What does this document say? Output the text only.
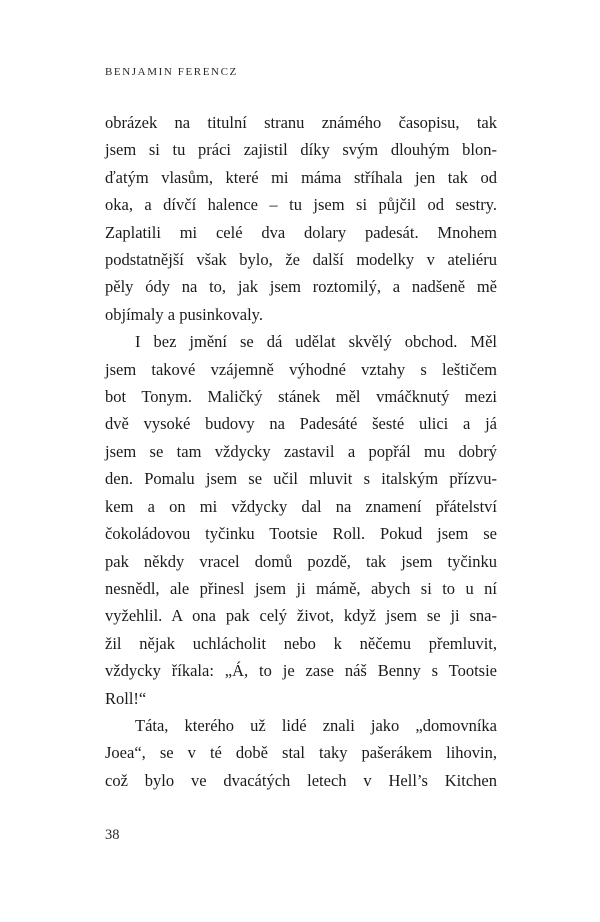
BENJAMIN FERENCZ
obrázek na titulní stranu známého časopisu, tak
jsem si tu práci zajistil díky svým dlouhým blon-
ďatým vlasům, které mi máma stříhala jen tak od
oka, a dívčí halence – tu jsem si půjčil od sestry.
Zaplatili mi celé dva dolary padesát. Mnohem
podstatnější však bylo, že další modelky v ateliéru
pěly ódy na to, jak jsem roztomilý, a nadšeně mě
objímaly a pusinkovaly.
I bez jmění se dá udělat skvělý obchod. Měl
jsem takové vzájemně výhodné vztahy s leštičem
bot Tonym. Maličký stánek měl vmáčknutý mezi
dvě vysoké budovy na Padesáté šesté ulici a já
jsem se tam vždycky zastavil a popřál mu dobrý
den. Pomalu jsem se učil mluvit s italským přízvu-
kem a on mi vždycky dal na znamení přátelství
čokoládovou tyčinku Tootsie Roll. Pokud jsem se
pak někdy vracel domů pozdě, tak jsem tyčinku
nesnědl, ale přinesl jsem ji mámě, abych si to u ní
vyžehlil. A ona pak celý život, když jsem se ji sna-
žil nějak uchlácholit nebo k něčemu přemluvit,
vždycky říkala: „Á, to je zase náš Benny s Tootsie
Roll!“
Táta, kterého už lidé znali jako „domovníka
Joea“, se v té době stal taky pašerákem lihovin,
což bylo ve dvacátých letech v Hell’s Kitchen
38
